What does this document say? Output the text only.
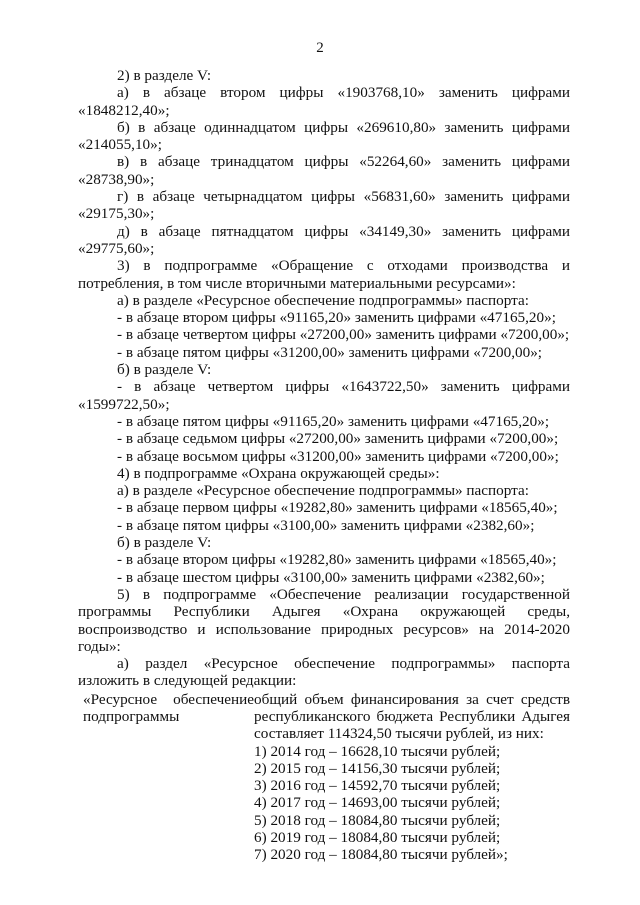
2

2) в разделе V:

а) в абзаце втором цифры «1903768,10» заменить цифрами «1848212,40»;

б) в абзаце одиннадцатом цифры «269610,80» заменить цифрами «214055,10»;

в) в абзаце тринадцатом цифры «52264,60» заменить цифрами «28738,90»;

г) в абзаце четырнадцатом цифры «56831,60» заменить цифрами «29175,30»;

д) в абзаце пятнадцатом цифры «34149,30» заменить цифрами «29775,60»;

3) в подпрограмме «Обращение с отходами производства и потребления, в том числе вторичными материальными ресурсами»:

а) в разделе «Ресурсное обеспечение подпрограммы» паспорта:

- в абзаце втором цифры «91165,20» заменить цифрами «47165,20»;

- в абзаце четвертом цифры «27200,00» заменить цифрами «7200,00»;

- в абзаце пятом цифры «31200,00» заменить цифрами «7200,00»;

б) в разделе V:

- в абзаце четвертом цифры «1643722,50» заменить цифрами «1599722,50»;

- в абзаце пятом цифры «91165,20» заменить цифрами «47165,20»;

- в абзаце седьмом цифры «27200,00» заменить цифрами «7200,00»;

- в абзаце восьмом цифры «31200,00» заменить цифрами «7200,00»;

4) в подпрограмме «Охрана окружающей среды»:

а) в разделе «Ресурсное обеспечение подпрограммы» паспорта:

- в абзаце первом цифры «19282,80» заменить цифрами «18565,40»;

- в абзаце пятом цифры «3100,00» заменить цифрами «2382,60»;

б) в разделе V:

- в абзаце втором цифры «19282,80» заменить цифрами «18565,40»;

- в абзаце шестом цифры «3100,00» заменить цифрами «2382,60»;

5) в подпрограмме «Обеспечение реализации государственной программы Республики Адыгея «Охрана окружающей среды, воспроизводство и использование природных ресурсов» на 2014-2020 годы»:

а) раздел «Ресурсное обеспечение подпрограммы» паспорта изложить в следующей редакции:

«Ресурсное обеспечение подпрограммы

общий объем финансирования за счет средств республиканского бюджета Республики Адыгея составляет 114324,50 тысячи рублей, из них:

1) 2014 год – 16628,10 тысячи рублей;

2) 2015 год – 14156,30 тысячи рублей;

3) 2016 год – 14592,70 тысячи рублей;

4) 2017 год – 14693,00 тысячи рублей;

5) 2018 год – 18084,80 тысячи рублей;

6) 2019 год – 18084,80 тысячи рублей;

7) 2020 год – 18084,80 тысячи рублей»;
